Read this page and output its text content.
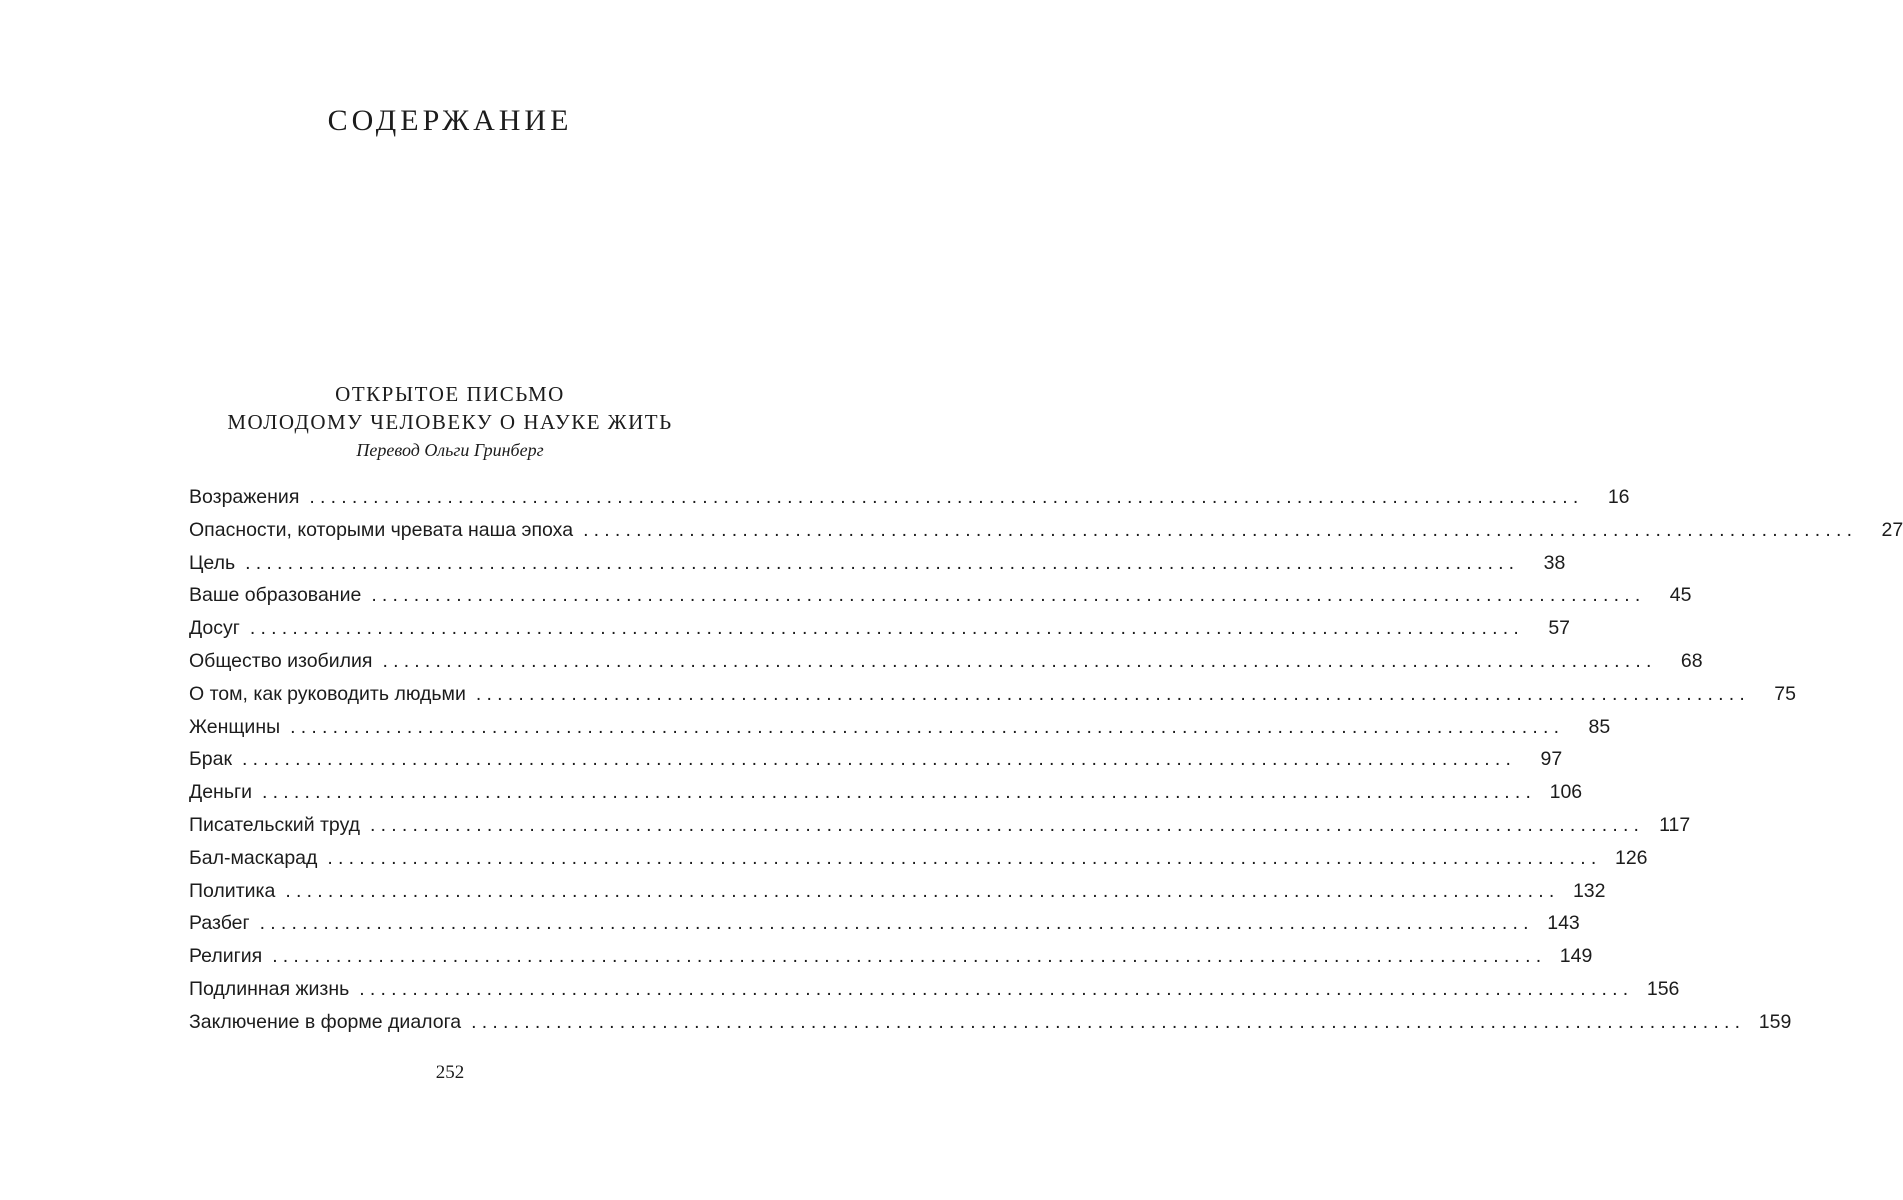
СОДЕРЖАНИЕ
ОТКРЫТОЕ ПИСЬМО
МОЛОДОМУ ЧЕЛОВЕКУ О НАУКЕ ЖИТЬ

Перевод Ольги Гринберг

Возражения ........................................................................................................................	16
Опасности, которыми чревата наша эпоха ........................................................................................................................	27
Цель ........................................................................................................................	38
Ваше образование ........................................................................................................................	45
Досуг ........................................................................................................................	57
Общество изобилия ........................................................................................................................	68
О том, как руководить людьми ........................................................................................................................	75
Женщины ........................................................................................................................	85
Брак ........................................................................................................................	97
Деньги ........................................................................................................................ 106
Писательский труд ........................................................................................................................ 117
Бал-маскарад ........................................................................................................................ 126
Политика ........................................................................................................................ 132
Разбег ........................................................................................................................ 143
Религия ........................................................................................................................ 149
Подлинная жизнь ........................................................................................................................ 156
Заключение в форме диалога ........................................................................................................................ 159

252
